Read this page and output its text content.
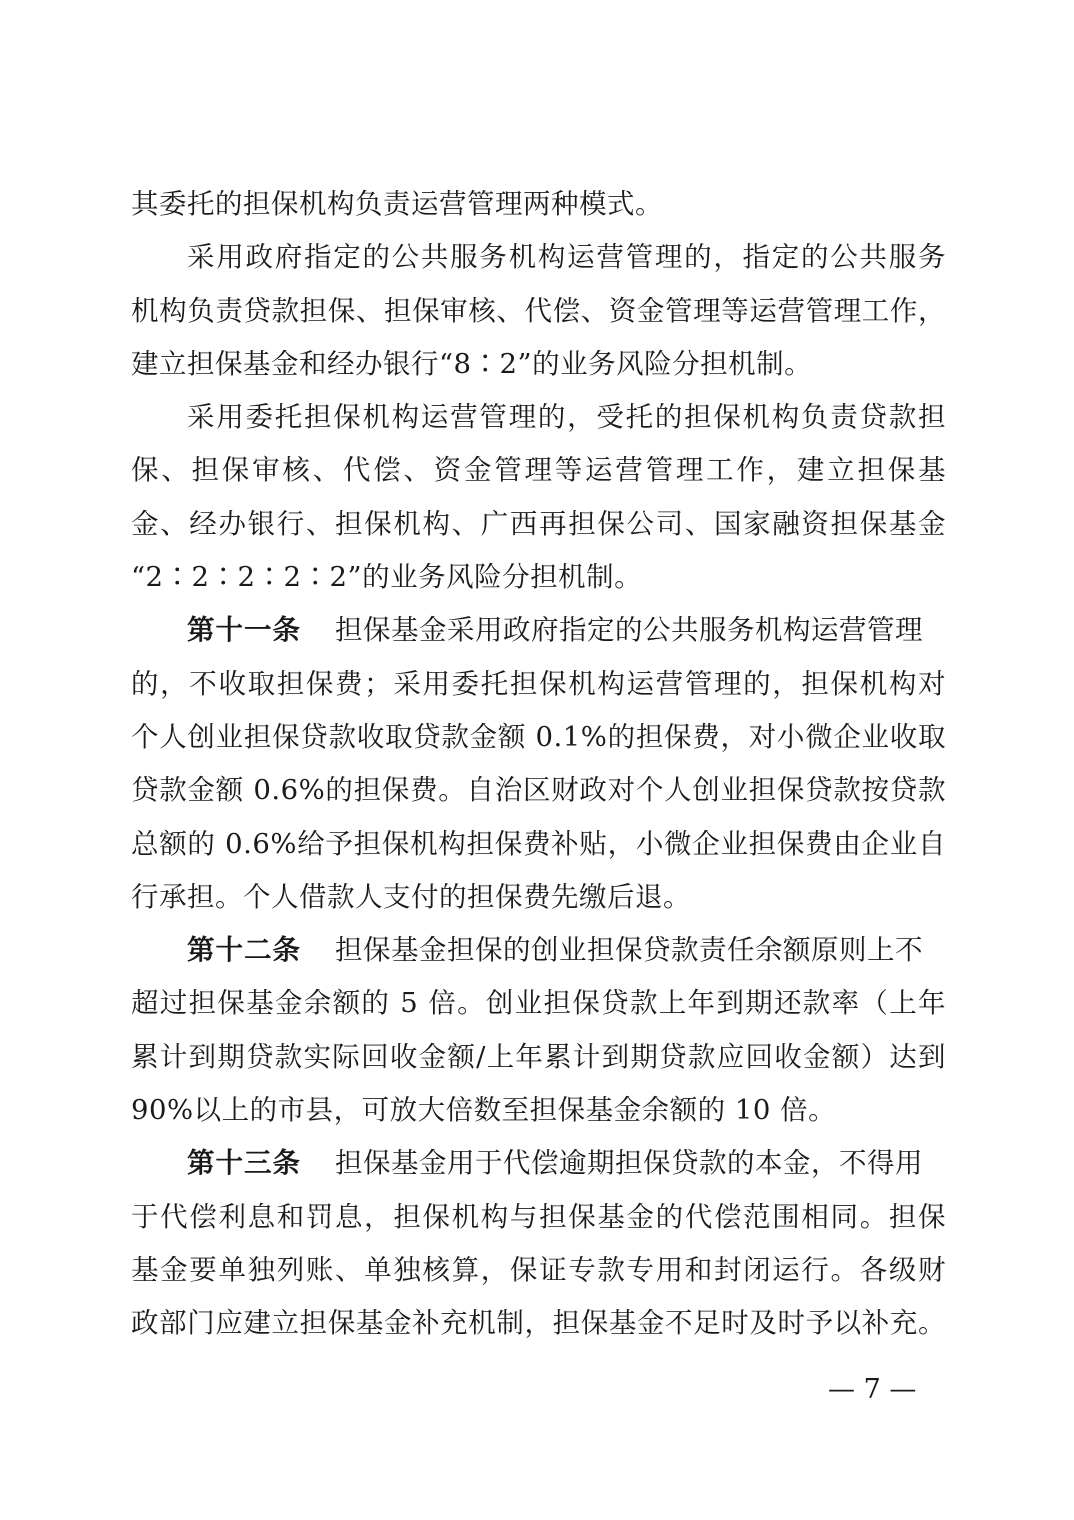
其委托的担保机构负责运营管理两种模式。
采用政府指定的公共服务机构运营管理的，指定的公共服务
机构负责贷款担保、担保审核、代偿、资金管理等运营管理工作，
建立担保基金和经办银行“8∶2”的业务风险分担机制。
采用委托担保机构运营管理的，受托的担保机构负责贷款担
保、担保审核、代偿、资金管理等运营管理工作，建立担保基
金、经办银行、担保机构、广西再担保公司、国家融资担保基金
“2∶2∶2∶2∶2”的业务风险分担机制。
第十一条 担保基金采用政府指定的公共服务机构运营管理
的，不收取担保费；采用委托担保机构运营管理的，担保机构对
个人创业担保贷款收取贷款金额 0.1%的担保费，对小微企业收取
贷款金额 0.6%的担保费。自治区财政对个人创业担保贷款按贷款
总额的 0.6%给予担保机构担保费补贴，小微企业担保费由企业自
行承担。个人借款人支付的担保费先缴后退。
第十二条 担保基金担保的创业担保贷款责任余额原则上不
超过担保基金余额的 5 倍。创业担保贷款上年到期还款率（上年
累计到期贷款实际回收金额/上年累计到期贷款应回收金额）达到
90%以上的市县，可放大倍数至担保基金余额的 10 倍。
第十三条 担保基金用于代偿逾期担保贷款的本金，不得用
于代偿利息和罚息，担保机构与担保基金的代偿范围相同。担保
基金要单独列账、单独核算，保证专款专用和封闭运行。各级财
政部门应建立担保基金补充机制，担保基金不足时及时予以补充。
— 7 —
